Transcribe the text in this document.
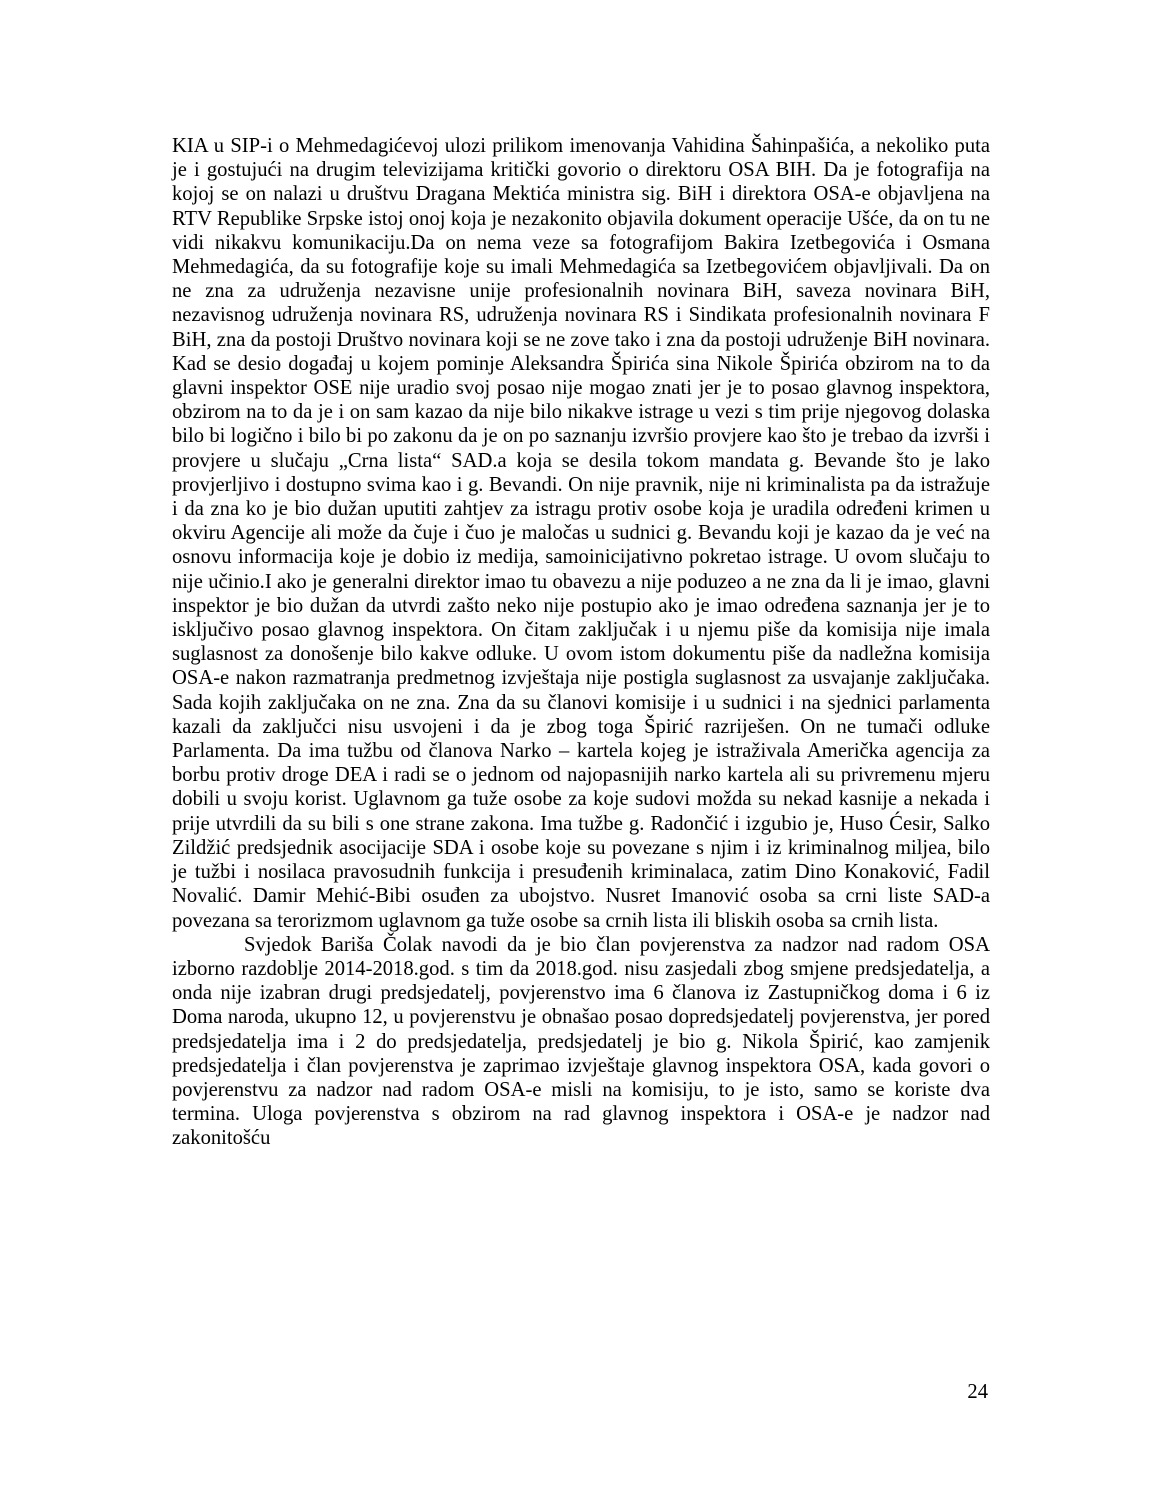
KIA u SIP-i o Mehmedagićevoj ulozi prilikom imenovanja Vahidina Šahinpašića, a nekoliko puta je i gostujući na drugim televizijama kritički govorio o direktoru OSA BIH. Da je fotografija na kojoj se on nalazi u društvu Dragana Mektića ministra sig. BiH i direktora OSA-e objavljena na RTV Republike Srpske istoj onoj koja je nezakonito objavila dokument operacije Ušće, da on tu ne vidi nikakvu komunikaciju.Da on nema veze sa fotografijom Bakira Izetbegovića i Osmana Mehmedagića, da su fotografije koje su imali Mehmedagića sa Izetbegovićem objavljivali. Da on ne zna za udruženja nezavisne unije profesionalnih novinara BiH, saveza novinara BiH, nezavisnog udruženja novinara RS, udruženja novinara RS i Sindikata profesionalnih novinara F BiH, zna da postoji Društvo novinara koji se ne zove tako i zna da postoji udruženje BiH novinara. Kad se desio događaj u kojem pominje Aleksandra Špirića sina Nikole Špirića obzirom na to da glavni inspektor OSE nije uradio svoj posao nije mogao znati jer je to posao glavnog inspektora, obzirom na to da je i on sam kazao da nije bilo nikakve istrage u vezi s tim prije njegovog dolaska bilo bi logično i bilo bi po zakonu da je on po saznanju izvršio provjere kao što je trebao da izvrši i provjere u slučaju „Crna lista“ SAD.a koja se desila tokom mandata g. Bevande što je lako provjerljivo i dostupno svima kao i g. Bevandi. On nije pravnik, nije ni kriminalista pa da istražuje i da zna ko je bio dužan uputiti zahtjev za istragu protiv osobe koja je uradila određeni krimen u okviru Agencije ali može da čuje i čuo je maločas u sudnici g. Bevandu koji je kazao da je već na osnovu informacija koje je dobio iz medija, samoinicijativno pokretao istrage. U ovom slučaju to nije učinio.I ako je generalni direktor imao tu obavezu a nije poduzeo a ne zna da li je imao, glavni inspektor je bio dužan da utvrdi zašto neko nije postupio ako je imao određena saznanja jer je to isključivo posao glavnog inspektora. On čitam zaključak i u njemu piše da komisija nije imala suglasnost za donošenje bilo kakve odluke. U ovom istom dokumentu piše da nadležna komisija OSA-e nakon razmatranja predmetnog izvještaja nije postigla suglasnost za usvajanje zaključaka. Sada kojih zaključaka on ne zna. Zna da su članovi komisije i u sudnici i na sjednici parlamenta kazali da zaključci nisu usvojeni i da je zbog toga Špirić razriješen. On ne tumači odluke Parlamenta. Da ima tužbu od članova Narko – kartela kojeg je istraživala Američka agencija za borbu protiv droge DEA i radi se o jednom od najopasnijih narko kartela ali su privremenu mjeru dobili u svoju korist. Uglavnom ga tuže osobe za koje sudovi možda su nekad kasnije a nekada i prije utvrdili da su bili s one strane zakona. Ima tužbe g. Radončić i izgubio je, Huso Ćesir, Salko Zildžić predsjednik asocijacije SDA i osobe koje su povezane s njim i iz kriminalnog miljea, bilo je tužbi i nosilaca pravosudnih funkcija i presuđenih kriminalaca, zatim Dino Konaković, Fadil Novalić. Damir Mehić-Bibi osuđen za ubojstvo. Nusret Imanović osoba sa crni liste SAD-a povezana sa terorizmom uglavnom ga tuže osobe sa crnih lista ili bliskih osoba sa crnih lista.

Svjedok Bariša Čolak navodi da je bio član povjerenstva za nadzor nad radom OSA izborno razdoblje 2014-2018.god. s tim da 2018.god. nisu zasjedali zbog smjene predsjedatelja, a onda nije izabran drugi predsjedatelj, povjerenstvo ima 6 članova iz Zastupničkog doma i 6 iz Doma naroda, ukupno 12, u povjerenstvu je obnašao posao dopredsjedatelj povjerenstva, jer pored predsjedatelja ima i 2 do predsjedatelja, predsjedatelj je bio g. Nikola Špirić, kao zamjenik predsjedatelja i član povjerenstva je zaprimao izvještaje glavnog inspektora OSA, kada govori o povjerenstvu za nadzor nad radom OSA-e misli na komisiju, to je isto, samo se koriste dva termina. Uloga povjerenstva s obzirom na rad glavnog inspektora i OSA-e je nadzor nad zakonitošću

24
